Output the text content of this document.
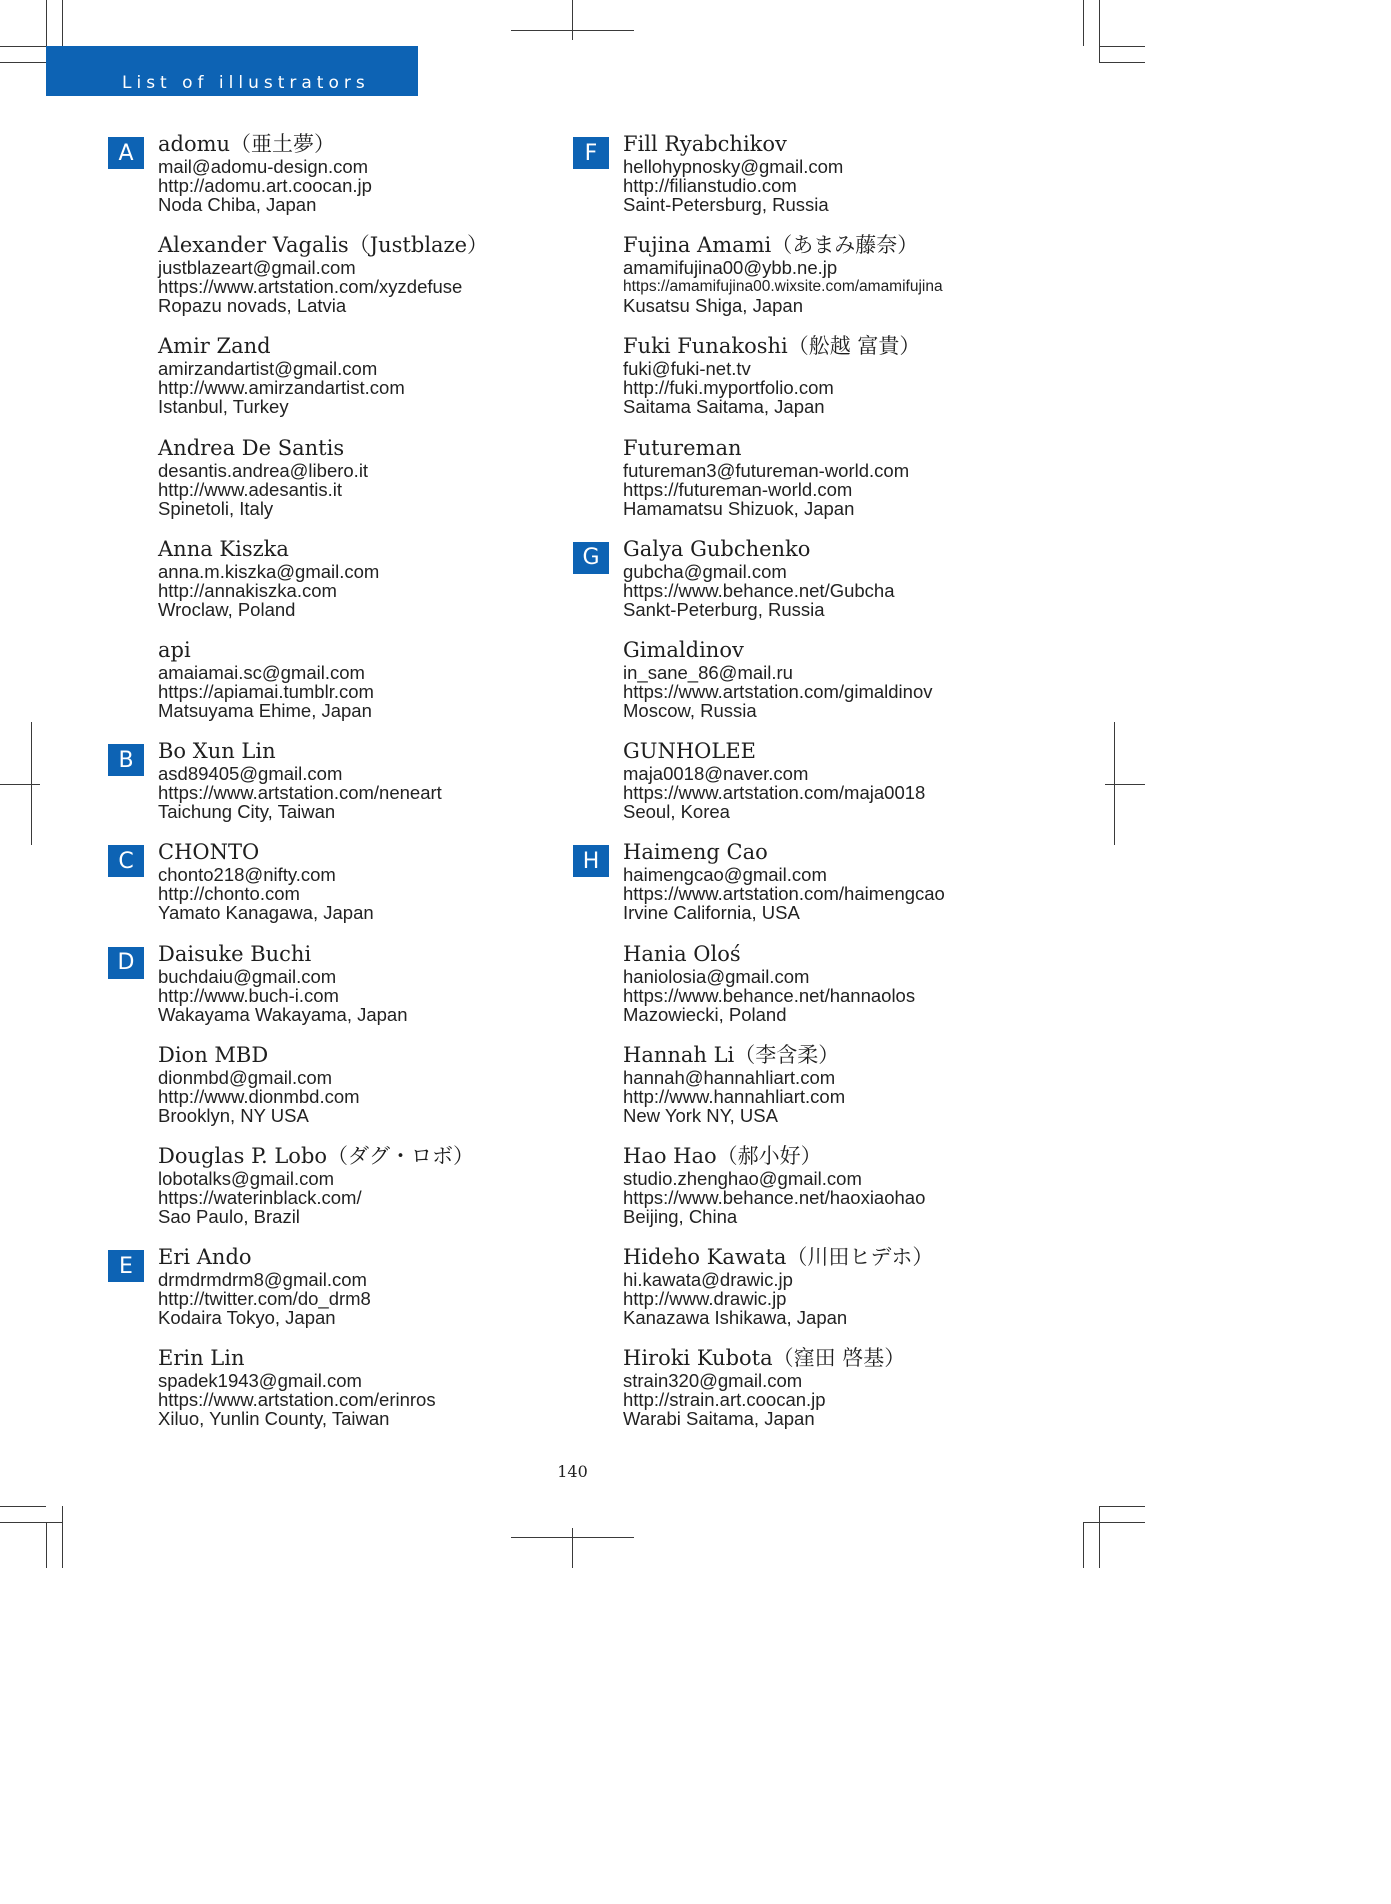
List of illustrators
A	adomu（亜土夢）
mail@adomu-design.com
http://adomu.art.coocan.jp
Noda Chiba, Japan
Alexander Vagalis（Justblaze）
justblazeart@gmail.com
https://www.artstation.com/xyzdefuse
Ropazu novads, Latvia
Amir Zand
amirzandartist@gmail.com
http://www.amirzandartist.com
Istanbul, Turkey
Andrea De Santis
desantis.andrea@libero.it
http://www.adesantis.it
Spinetoli, Italy
Anna Kiszka
anna.m.kiszka@gmail.com
http://annakiszka.com
Wroclaw, Poland
api
amaiamai.sc@gmail.com
https://apiamai.tumblr.com
Matsuyama Ehime, Japan
B	Bo Xun Lin
asd89405@gmail.com
https://www.artstation.com/neneart
Taichung City, Taiwan
C	CHONTO
chonto218@nifty.com
http://chonto.com
Yamato Kanagawa, Japan
D	Daisuke Buchi
buchdaiu@gmail.com
http://www.buch-i.com
Wakayama Wakayama, Japan
Dion MBD
dionmbd@gmail.com
http://www.dionmbd.com
Brooklyn, NY USA
Douglas P. Lobo（ダグ・ロボ）
lobotalks@gmail.com
https://waterinblack.com/
Sao Paulo, Brazil
E	Eri Ando
drmdrmdrm8@gmail.com
http://twitter.com/do_drm8
Kodaira Tokyo, Japan
Erin Lin
spadek1943@gmail.com
https://www.artstation.com/erinros
Xiluo, Yunlin County, Taiwan
F	Fill Ryabchikov
hellohypnosky@gmail.com
http://filianstudio.com
Saint-Petersburg, Russia
Fujina Amami（あまみ藤奈）
amamifujina00@ybb.ne.jp
https://amamifujina00.wixsite.com/amamifujina
Kusatsu Shiga, Japan
Fuki Funakoshi（舩越 富貴）
fuki@fuki-net.tv
http://fuki.myportfolio.com
Saitama Saitama, Japan
Futureman
futureman3@futureman-world.com
https://futureman-world.com
Hamamatsu Shizuok, Japan
G	Galya Gubchenko
gubcha@gmail.com
https://www.behance.net/Gubcha
Sankt-Peterburg, Russia
Gimaldinov
in_sane_86@mail.ru
https://www.artstation.com/gimaldinov
Moscow, Russia
GUNHOLEE
maja0018@naver.com
https://www.artstation.com/maja0018
Seoul, Korea
H	Haimeng Cao
haimengcao@gmail.com
https://www.artstation.com/haimengcao
Irvine California, USA
Hania Oloś
haniolosia@gmail.com
https://www.behance.net/hannaolos
Mazowiecki, Poland
Hannah Li（李含柔）
hannah@hannahliart.com
http://www.hannahliart.com
New York NY, USA
Hao Hao（郝小好）
studio.zhenghao@gmail.com
https://www.behance.net/haoxiaohao
Beijing, China
Hideho Kawata（川田ヒデホ）
hi.kawata@drawic.jp
http://www.drawic.jp
Kanazawa Ishikawa, Japan
Hiroki Kubota（窪田 啓基）
strain320@gmail.com
http://strain.art.coocan.jp
Warabi Saitama, Japan
140
